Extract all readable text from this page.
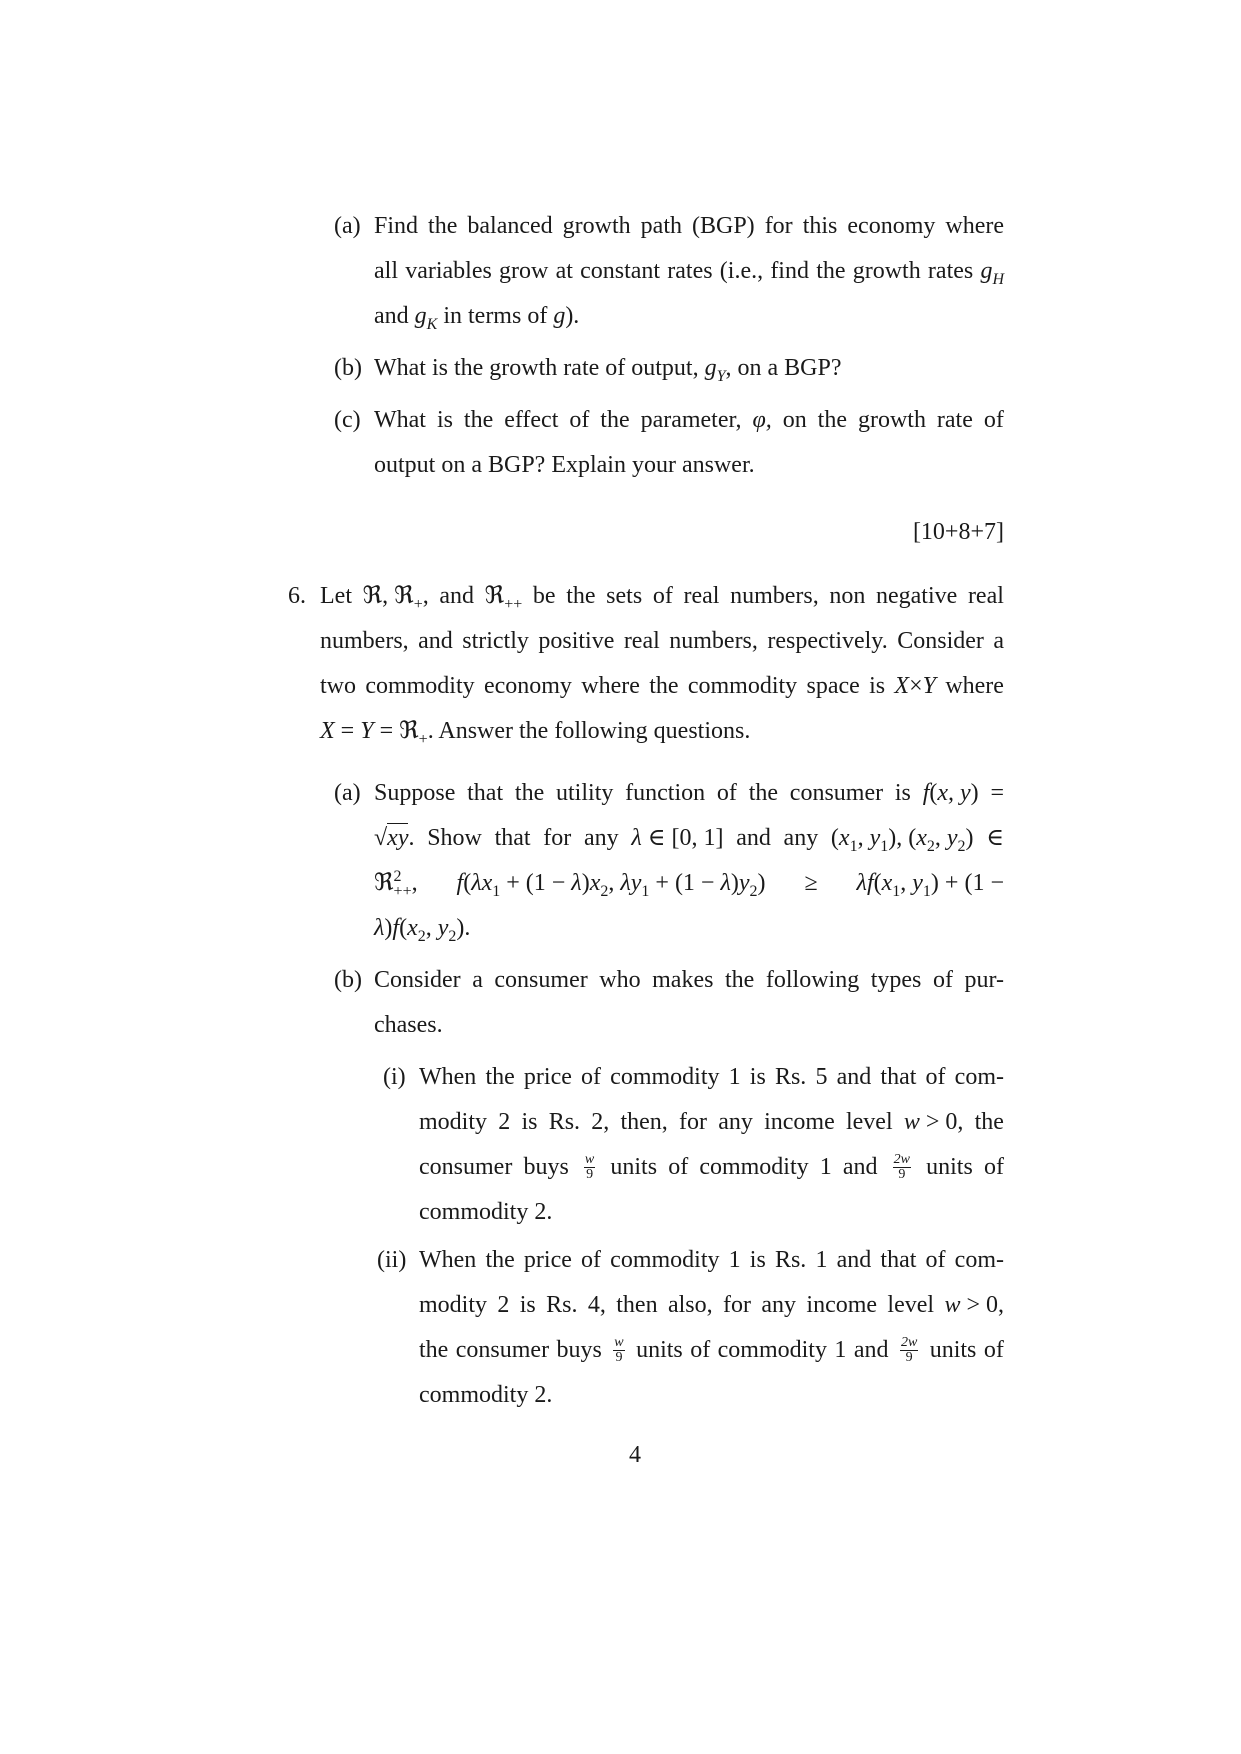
(a) Find the balanced growth path (BGP) for this economy where
all variables grow at constant rates (i.e., find the growth rates $g_H$
and $g_K$ in terms of g).
(b) What is the growth rate of output, $g_Y$, on a BGP?
(c) What is the effect of the parameter, φ, on the growth rate of
output on a BGP? Explain your answer.
[10+8+7]
6. Let ℜ, ℜ$_+$, and ℜ$_{++}$ be the sets of real numbers, non negative real
numbers, and strictly positive real numbers, respectively. Consider a
two commodity economy where the commodity space is X×Y where
X = Y = ℜ$_+$. Answer the following questions.
(a) Suppose that the utility function of the consumer is f(x, y) =
√xy. Show that for any λ ∈ [0, 1] and any ($x_1$, $y_1$), ($x_2$, $y_2$) ∈
ℜ$^2_{++}$, $f(\lambda x_1 + (1 - \lambda)x_2$, $\lambda y_1 + (1 - \lambda)y_2) \ge \lambda f(x_1$, $y_1) + (1$ −
$\lambda)f(x_2$, $y_2$).
(b) Consider a consumer who makes the following types of pur-
chases.
(i) When the price of commodity 1 is Rs. 5 and that of com-
modity 2 is Rs. 2, then, for any income level w > 0, the
consumer buys $\frac{w}{9}$ units of commodity 1 and $\frac{2w}{9}$ units of
commodity 2.
(ii) When the price of commodity 1 is Rs. 1 and that of com-
modity 2 is Rs. 4, then also, for any income level w > 0,
the consumer buys $\frac{w}{9}$ units of commodity 1 and $\frac{2w}{9}$ units of
commodity 2.
4
